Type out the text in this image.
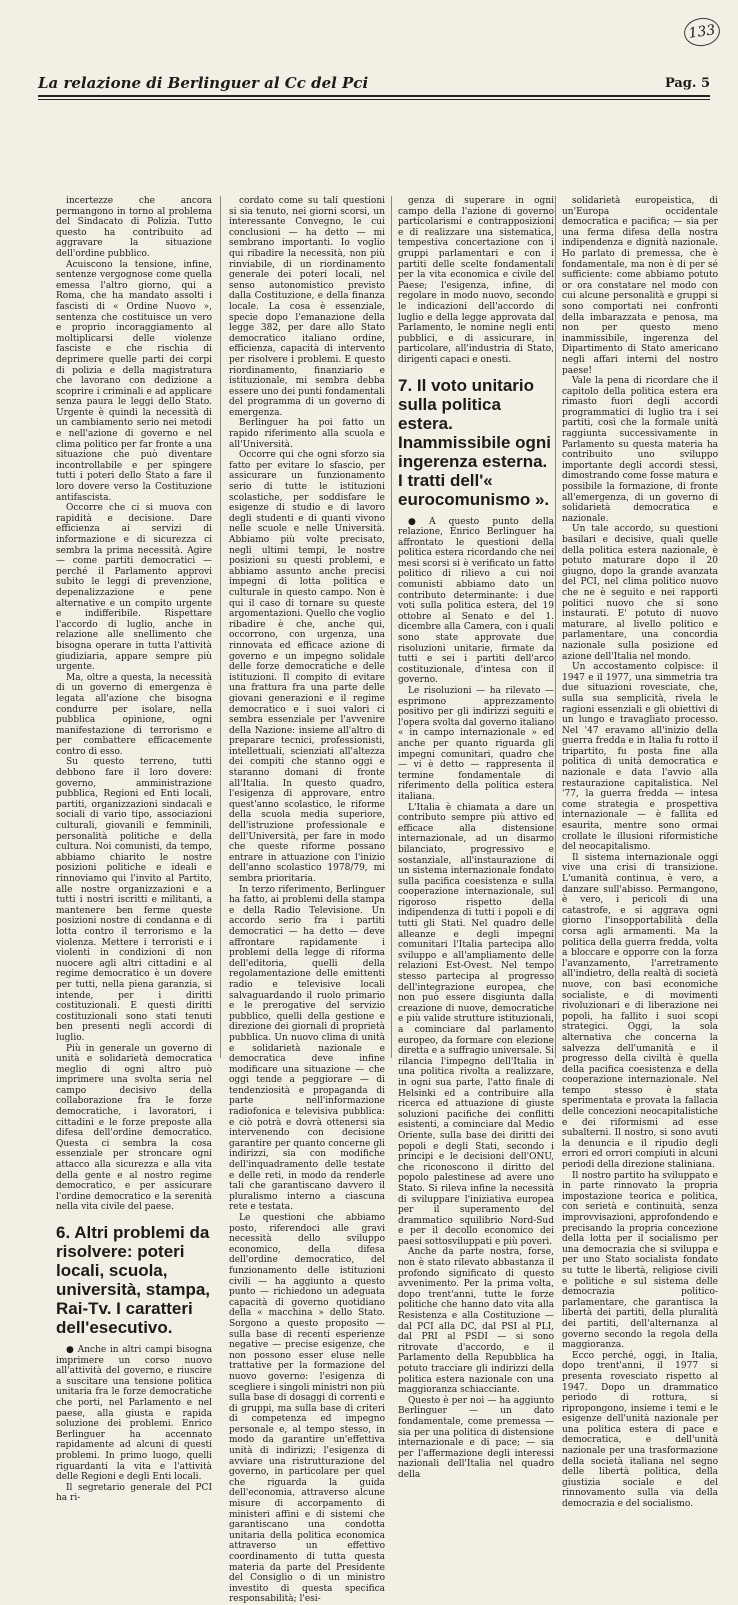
133
La relazione di Berlinguer al Cc del Pci	Pag. 5

incertezze che ancora permangono in torno al problema del Sindacato di Polizia. Tutto questo ha contribuito ad aggravare la situazione dell'ordine pubblico.

Acuiscono la tensione, infine, sentenze vergognose come quella emessa l'altro giorno, qui a Roma, che ha mandato assolti i fascisti di « Ordine Nuovo », sentenza che costituisce un vero e proprio incoraggiamento al moltiplicarsi delle violenze fasciste e che rischia di deprimere quelle parti dei corpi di polizia e della magistratura che lavorano con dedizione a scoprire i criminali e ad applicare senza paura le leggi dello Stato. Urgente è quindi la necessità di un cambiamento serio nei metodi e nell'azione di governo e nel clima politico per far fronte a una situazione che può diventare incontrollabile e per spingere tutti i poteri dello Stato a fare il loro dovere verso la Costituzione antifascista.

Occorre che ci si muova con rapidità e decisione. Dare efficienza ai servizi di informazione e di sicurezza ci sembra la prima necessità. Agire — come partiti democratici — perché il Parlamento approvi subito le leggi di prevenzione, depenalizzazione e pene alternative e un compito urgente e indifferibile. Rispettare l'accordo di luglio, anche in relazione alle snellimento che bisogna operare in tutta l'attività giudiziaria, appare sempre più urgente.

Ma, oltre a questa, la necessità di un governo di emergenza è legata all'azione che bisogna condurre per isolare, nella pubblica opinione, ogni manifestazione di terrorismo e per combattere efficacemente contro di esso.

Su questo terreno, tutti debbono fare il loro dovere: governo, amministrazione pubblica, Regioni ed Enti locali, partiti, organizzazioni sindacali e sociali di vario tipo, associazioni culturali, giovanili e femminili, personalità politiche e della cultura. Noi comunisti, da tempo, abbiamo chiarito le nostre posizioni politiche e ideali e rinnoviamo qui l'invito al Partito, alle nostre organizzazioni e a tutti i nostri iscritti e militanti, a mantenere ben ferme queste posizioni nostre di condanna e di lotta contro il terrorismo e la violenza. Mettere i terroristi e i violenti in condizioni di non nuocere agli altri cittadini e al regime democratico è un dovere per tutti, nella piena garanzia, si intende, per i diritti costituzionali. E questi diritti costituzionali sono stati tenuti ben presenti negli accordi di luglio.

Più in generale un governo di unità e solidarietà democratica meglio di ogni altro può imprimere una svolta seria nel campo decisivo della collaborazione fra le forze democratiche, i lavoratori, i cittadini e le forze preposte alla difesa dell'ordine democratico. Questa ci sembra la cosa essenziale per stroncare ogni attacco alla sicurezza e alla vita della gente e al nostro regime democratico, e per assicurare l'ordine democratico e la serenità nella vita civile del paese.

6. Altri problemi da risolvere: poteri locali, scuola, università, stampa, Rai-Tv. I caratteri dell'esecutivo.

● Anche in altri campi bisogna imprimere un corso nuovo all'attività del governo, e riuscire a suscitare una tensione politica unitaria fra le forze democratiche che porti, nel Parlamento e nel paese, alla giusta e rapida soluzione dei problemi. Enrico Berlinguer ha accennato rapidamente ad alcuni di questi problemi. In primo luogo, quelli riguardanti la vita e l'attività delle Regioni e degli Enti locali.

Il segretario generale del PCI ha ri-

cordato come su tali questioni si sia tenuto, nei giorni scorsi, un interessante Convegno, le cui conclusioni — ha detto — mi sembrano importanti. Io voglio qui ribadire la necessità, non più rinviabile, di un riordinamento generale dei poteri locali, nel senso autonomistico previsto dalla Costituzione, e della finanza locale. La cosa è essenziale, specie dopo l'emanazione della legge 382, per dare allo Stato democratico italiano ordine, efficienza, capacità di intervento per risolvere i problemi. E questo riordinamento, finanziario e istituzionale, mi sembra debba essere uno dei punti fondamentali del programma di un governo di emergenza.

Berlinguer ha poi fatto un rapido riferimento alla scuola e all'Università.

Occorre qui che ogni sforzo sia fatto per evitare lo sfascio, per assicurare un funzionamento serio di tutte le istituzioni scolastiche, per soddisfare le esigenze di studio e di lavoro degli studenti e di quanti vivono nelle scuole e nelle Università. Abbiamo più volte precisato, negli ultimi tempi, le nostre posizioni su questi problemi, e abbiamo assunto anche precisi impegni di lotta politica e culturale in questo campo. Non è qui il caso di tornare su queste argomentazioni. Quello che voglio ribadire è che, anche qui, occorrono, con urgenza, una rinnovata ed efficace azione di governo e un impegno solidale delle forze democratiche e delle istituzioni. Il compito di evitare una frattura fra una parte delle giovani generazioni e il regime democratico e i suoi valori ci sembra essenziale per l'avvenire della Nazione: insieme all'altro di preparare tecnici, professionisti, intellettuali, scienziati all'altezza dei compiti che stanno oggi e staranno domani di fronte all'Italia. In questo quadro, l'esigenza di approvare, entro quest'anno scolastico, le riforme della scuola media superiore, dell'istruzione professionale e dell'Università, per fare in modo che queste riforme possano entrare in attuazione con l'inizio dell'anno scolastico 1978/79, mi sembra prioritaria.

In terzo riferimento, Berlinguer ha fatto, ai problemi della stampa e della Radio Televisione. Un accordo serio fra i partiti democratici — ha detto — deve affrontare rapidamente i problemi della legge di riforma dell'editoria, quelli della regolamentazione delle emittenti radio e televisive locali salvaguardando il ruolo primario e le prerogative del servizio pubblico, quelli della gestione e direzione dei giornali di proprietà pubblica. Un nuovo clima di unità e solidarietà nazionale e democratica deve infine modificare una situazione — che oggi tende a peggiorare — di tendenziosità e propaganda di parte nell'informazione radiofonica e televisiva pubblica: e ciò potrà e dovrà ottenersi sia intervenendo con decisione garantire per quanto concerne gli indirizzi, sia con modifiche dell'inquadramento delle testate e delle reti, in modo da renderle tali che garantiscano davvero il pluralismo interno a ciascuna rete e testata.

Le questioni che abbiamo posto, riferendoci alle gravi necessità dello sviluppo economico, della difesa dell'ordine democratico, del funzionamento delle istituzioni civili — ha aggiunto a questo punto — richiedono un adeguata capacità di governo quotidiano della « macchina » dello Stato. Sorgono a questo proposito — sulla base di recenti esperienze negative — precise esigenze, che non possono esser eluse nelle trattative per la formazione del nuovo governo: l'esigenza di scegliere i singoli ministri non più sulla base di dosaggi di correnti e di gruppi, ma sulla base di criteri di competenza ed impegno personale e, al tempo stesso, in modo da garantire un'effettiva unità di indirizzi; l'esigenza di avviare una ristrutturazione del governo, in particolare per quel che riguarda la guida dell'economia, attraverso alcune misure di accorpamento di ministeri affini e di sistemi che garantiscano una condotta unitaria della politica economica attraverso un effettivo coordinamento di tutta questa materia da parte del Presidente del Consiglio o di un ministro investito di questa specifica responsabilità; l'esi-

genza di superare in ogni campo della l'azione di governo particolarismi e contrapposizioni e di realizzare una sistematica, tempestiva concertazione con i gruppi parlamentari e con i partiti delle scelte fondamentali per la vita economica e civile del Paese; l'esigenza, infine, di regolare in modo nuovo, secondo le indicazioni dell'accordo di luglio e della legge approvata dal Parlamento, le nomine negli enti pubblici, e di assicurare, in particolare, all'industria di Stato, dirigenti capaci e onesti.

7. Il voto unitario sulla politica estera. Inammissibile ogni ingerenza esterna. I tratti dell'« eurocomunismo ».

● A questo punto della relazione, Enrico Berlinguer ha affrontato le questioni della politica estera ricordando che nei mesi scorsi si è verificato un fatto politico di rilievo a cui noi comunisti abbiamo dato un contributo determinante: i due voti sulla politica estera, del 19 ottobre al Senato e del 1. dicembre alla Camera, con i quali sono state approvate due risoluzioni unitarie, firmate da tutti e sei i partiti dell'arco costituzionale, d'intesa con il governo.

Le risoluzioni — ha rilevato — esprimono apprezzamento positivo per gli indirizzi seguiti e l'opera svolta dal governo italiano « in campo internazionale » ed anche per quanto riguarda gli impegni comunitari, quadro che — vi è detto — rappresenta il termine fondamentale di riferimento della politica estera italiana.

L'Italia è chiamata a dare un contributo sempre più attivo ed efficace alla distensione internazionale, ad un disarmo bilanciato, progressivo e sostanziale, all'instaurazione di un sistema internazionale fondato sulla pacifica coesistenza e sulla cooperazione internazionale, sul rigoroso rispetto della indipendenza di tutti i popoli e di tutti gli Stati. Nel quadro delle alleanze e degli impegni comunitari l'Italia partecipa allo sviluppo e all'ampliamento delle relazioni Est-Ovest. Nel tempo stesso partecipa al progresso dell'integrazione europea, che non può essere disgiunta dalla creazione di nuove, democratiche e più valide strutture istituzionali, a cominciare dal parlamento europeo, da formare con elezione diretta e a suffragio universale. Si rilancia l'impegno dell'Italia in una politica rivolta a realizzare, in ogni sua parte, l'atto finale di Helsinki ed a contribuire alla ricerca ed attuazione di giuste soluzioni pacifiche dei conflitti esistenti, a cominciare dal Medio Oriente, sulla base dei diritti dei popoli e degli Stati, secondo i principi e le decisioni dell'ONU, che riconoscono il diritto del popolo palestinese ad avere uno Stato. Si rileva infine la necessità di sviluppare l'iniziativa europea per il superamento del drammatico squilibrio Nord-Sud e per il decollo economico dei paesi sottosviluppati e più poveri.

Anche da parte nostra, forse, non è stato rilevato abbastanza il profondo significato di questo avvenimento. Per la prima volta, dopo trent'anni, tutte le forze politiche che hanno dato vita alla Resistenza e alla Costituzione — dal PCI alla DC, dal PSI al PLI, dal PRI al PSDI — si sono ritrovate d'accordo, e il Parlamento della Repubblica ha potuto tracciare gli indirizzi della politica estera nazionale con una maggioranza schiacciante.

Questo è per noi — ha aggiunto Berlinguer — un dato fondamentale, come premessa — sia per una politica di distensione internazionale e di pace; — sia per l'affermazione degli interessi nazionali dell'Italia nel quadro della

solidarietà europeistica, di un'Europa occidentale democratica e pacifica; — sia per una ferma difesa della nostra indipendenza e dignità nazionale. Ho parlato di premessa, che è fondamentale, ma non è di per sé sufficiente: come abbiamo potuto or ora constatare nel modo con cui alcune personalità e gruppi si sono comportati nei confronti della imbarazzata e penosa, ma non per questo meno inammissibile, ingerenza del Dipartimento di Stato americano negli affari interni del nostro paese!

Vale la pena di ricordare che il capitolo della politica estera era rimasto fuori degli accordi programmatici di luglio tra i sei partiti, così che la formale unità raggiunta successivamente in Parlamento su questa materia ha contribuito uno sviluppo importante degli accordi stessi, dimostrando come fosse matura e possibile la formazione, di fronte all'emergenza, di un governo di solidarietà democratica e nazionale.

Un tale accordo, su questioni basilari e decisive, quali quelle della politica estera nazionale, è potuto maturare dopo il 20 giugno, dopo la grande avanzata del PCI, nel clima politico nuovo che ne è seguito e nei rapporti politici nuovo che si sono instaurati. E' potuto di nuovo maturare, al livello politico e parlamentare, una concordia nazionale sulla posizione ed azione dell'Italia nel mondo.

Un accostamento colpisce: il 1947 e il 1977, una simmetria tra due situazioni rovesciate, che, sulla sua semplicità, rivela le ragioni essenziali e gli obiettivi di un lungo e travagliato processo. Nel '47 eravamo all'inizio della guerra fredda e in Italia fu rotto il tripartito, fu posta fine alla politica di unità democratica e nazionale e data l'avvio alla restaurazione capitalistica. Nel '77, la guerra fredda — intesa come strategia e prospettiva internazionale — è fallita ed esaurita, mentre sono ormai crollate le illusioni riformistiche del neocapitalismo.

Il sistema internazionale oggi vive una crisi di transizione. L'umanità continua, è vero, a danzare sull'abisso. Permangono, è vero, i pericoli di una catastrofe, e si aggrava ogni giorno l'insopportabilità della corsa agli armamenti. Ma la politica della guerra fredda, volta a bloccare e opporre con la forza l'avanzamento, l'arretramento all'indietro, della realtà di società nuove, con basi economiche socialiste, e di movimenti rivoluzionari e di liberazione nei popoli, ha fallito i suoi scopi strategici. Oggi, la sola alternativa che concerna la salvezza dell'umanità e il progresso della civiltà è quella della pacifica coesistenza e della cooperazione internazionale. Nel tempo stesso è stata sperimentata e provata la fallacia delle concezioni neocapitalistiche e dei riformismi ad esse subalterni. Il nostro, si sono avuti la denuncia e il ripudio degli errori ed orrori compiuti in alcuni periodi della direzione staliniana.

Il nostro partito ha sviluppato e in parte rinnovato la propria impostazione teorica e politica, con serietà e continuità, senza improvvisazioni, approfondendo e precisando la propria concezione della lotta per il socialismo per una democrazia che si sviluppa e per uno Stato socialista fondato su tutte le libertà, religiose civili e politiche e sul sistema delle democrazia politico-parlamentare, che garantisca la libertà dei partiti, della pluralità dei partiti, dell'alternanza al governo secondo la regola della maggioranza.

Ecco perché, oggi, in Italia, dopo trent'anni, il 1977 si presenta rovesciato rispetto al 1947. Dopo un drammatico periodo di rottura, si ripropongono, insieme i temi e le esigenze dell'unità nazionale per una politica estera di pace e democratica, e dell'unità nazionale per una trasformazione della società italiana nel segno delle libertà politica, della giustizia sociale e del rinnovamento sulla via della democrazia e del socialismo.
